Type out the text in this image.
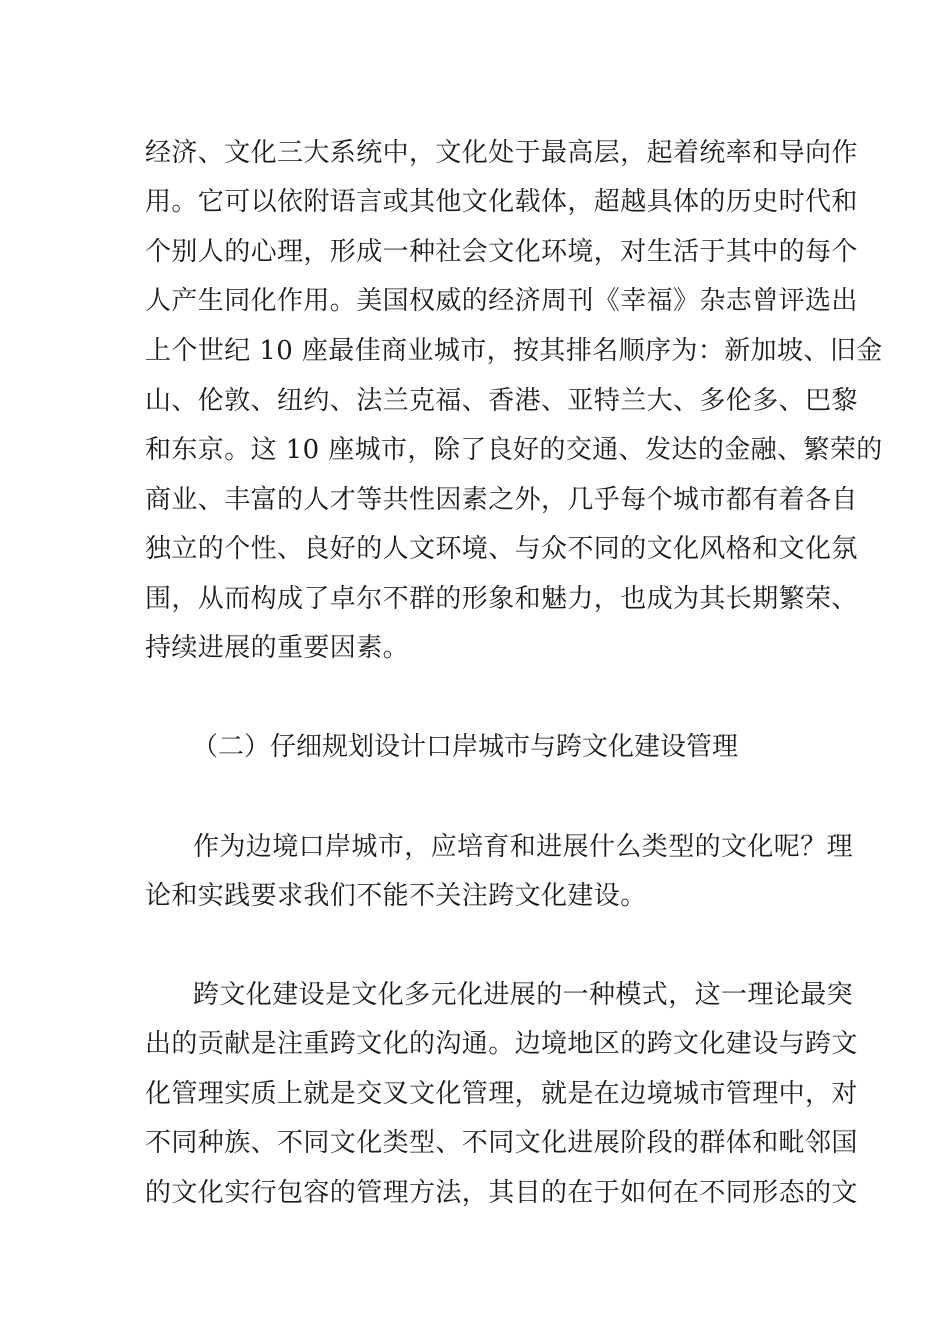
经济、文化三大系统中，文化处于最高层，起着统率和导向作
用。它可以依附语言或其他文化载体，超越具体的历史时代和
个别人的心理，形成一种社会文化环境，对生活于其中的每个
人产生同化作用。美国权威的经济周刊《幸福》杂志曾评选出
上个世纪 10 座最佳商业城市，按其排名顺序为：新加坡、旧金
山、伦敦、纽约、法兰克福、香港、亚特兰大、多伦多、巴黎
和东京。这 10 座城市，除了良好的交通、发达的金融、繁荣的
商业、丰富的人才等共性因素之外，几乎每个城市都有着各自
独立的个性、良好的人文环境、与众不同的文化风格和文化氛
围，从而构成了卓尔不群的形象和魅力，也成为其长期繁荣、
持续进展的重要因素。
（二）仔细规划设计口岸城市与跨文化建设管理
作为边境口岸城市，应培育和进展什么类型的文化呢？理
论和实践要求我们不能不关注跨文化建设。
跨文化建设是文化多元化进展的一种模式，这一理论最突
出的贡献是注重跨文化的沟通。边境地区的跨文化建设与跨文
化管理实质上就是交叉文化管理，就是在边境城市管理中，对
不同种族、不同文化类型、不同文化进展阶段的群体和毗邻国
的文化实行包容的管理方法，其目的在于如何在不同形态的文
